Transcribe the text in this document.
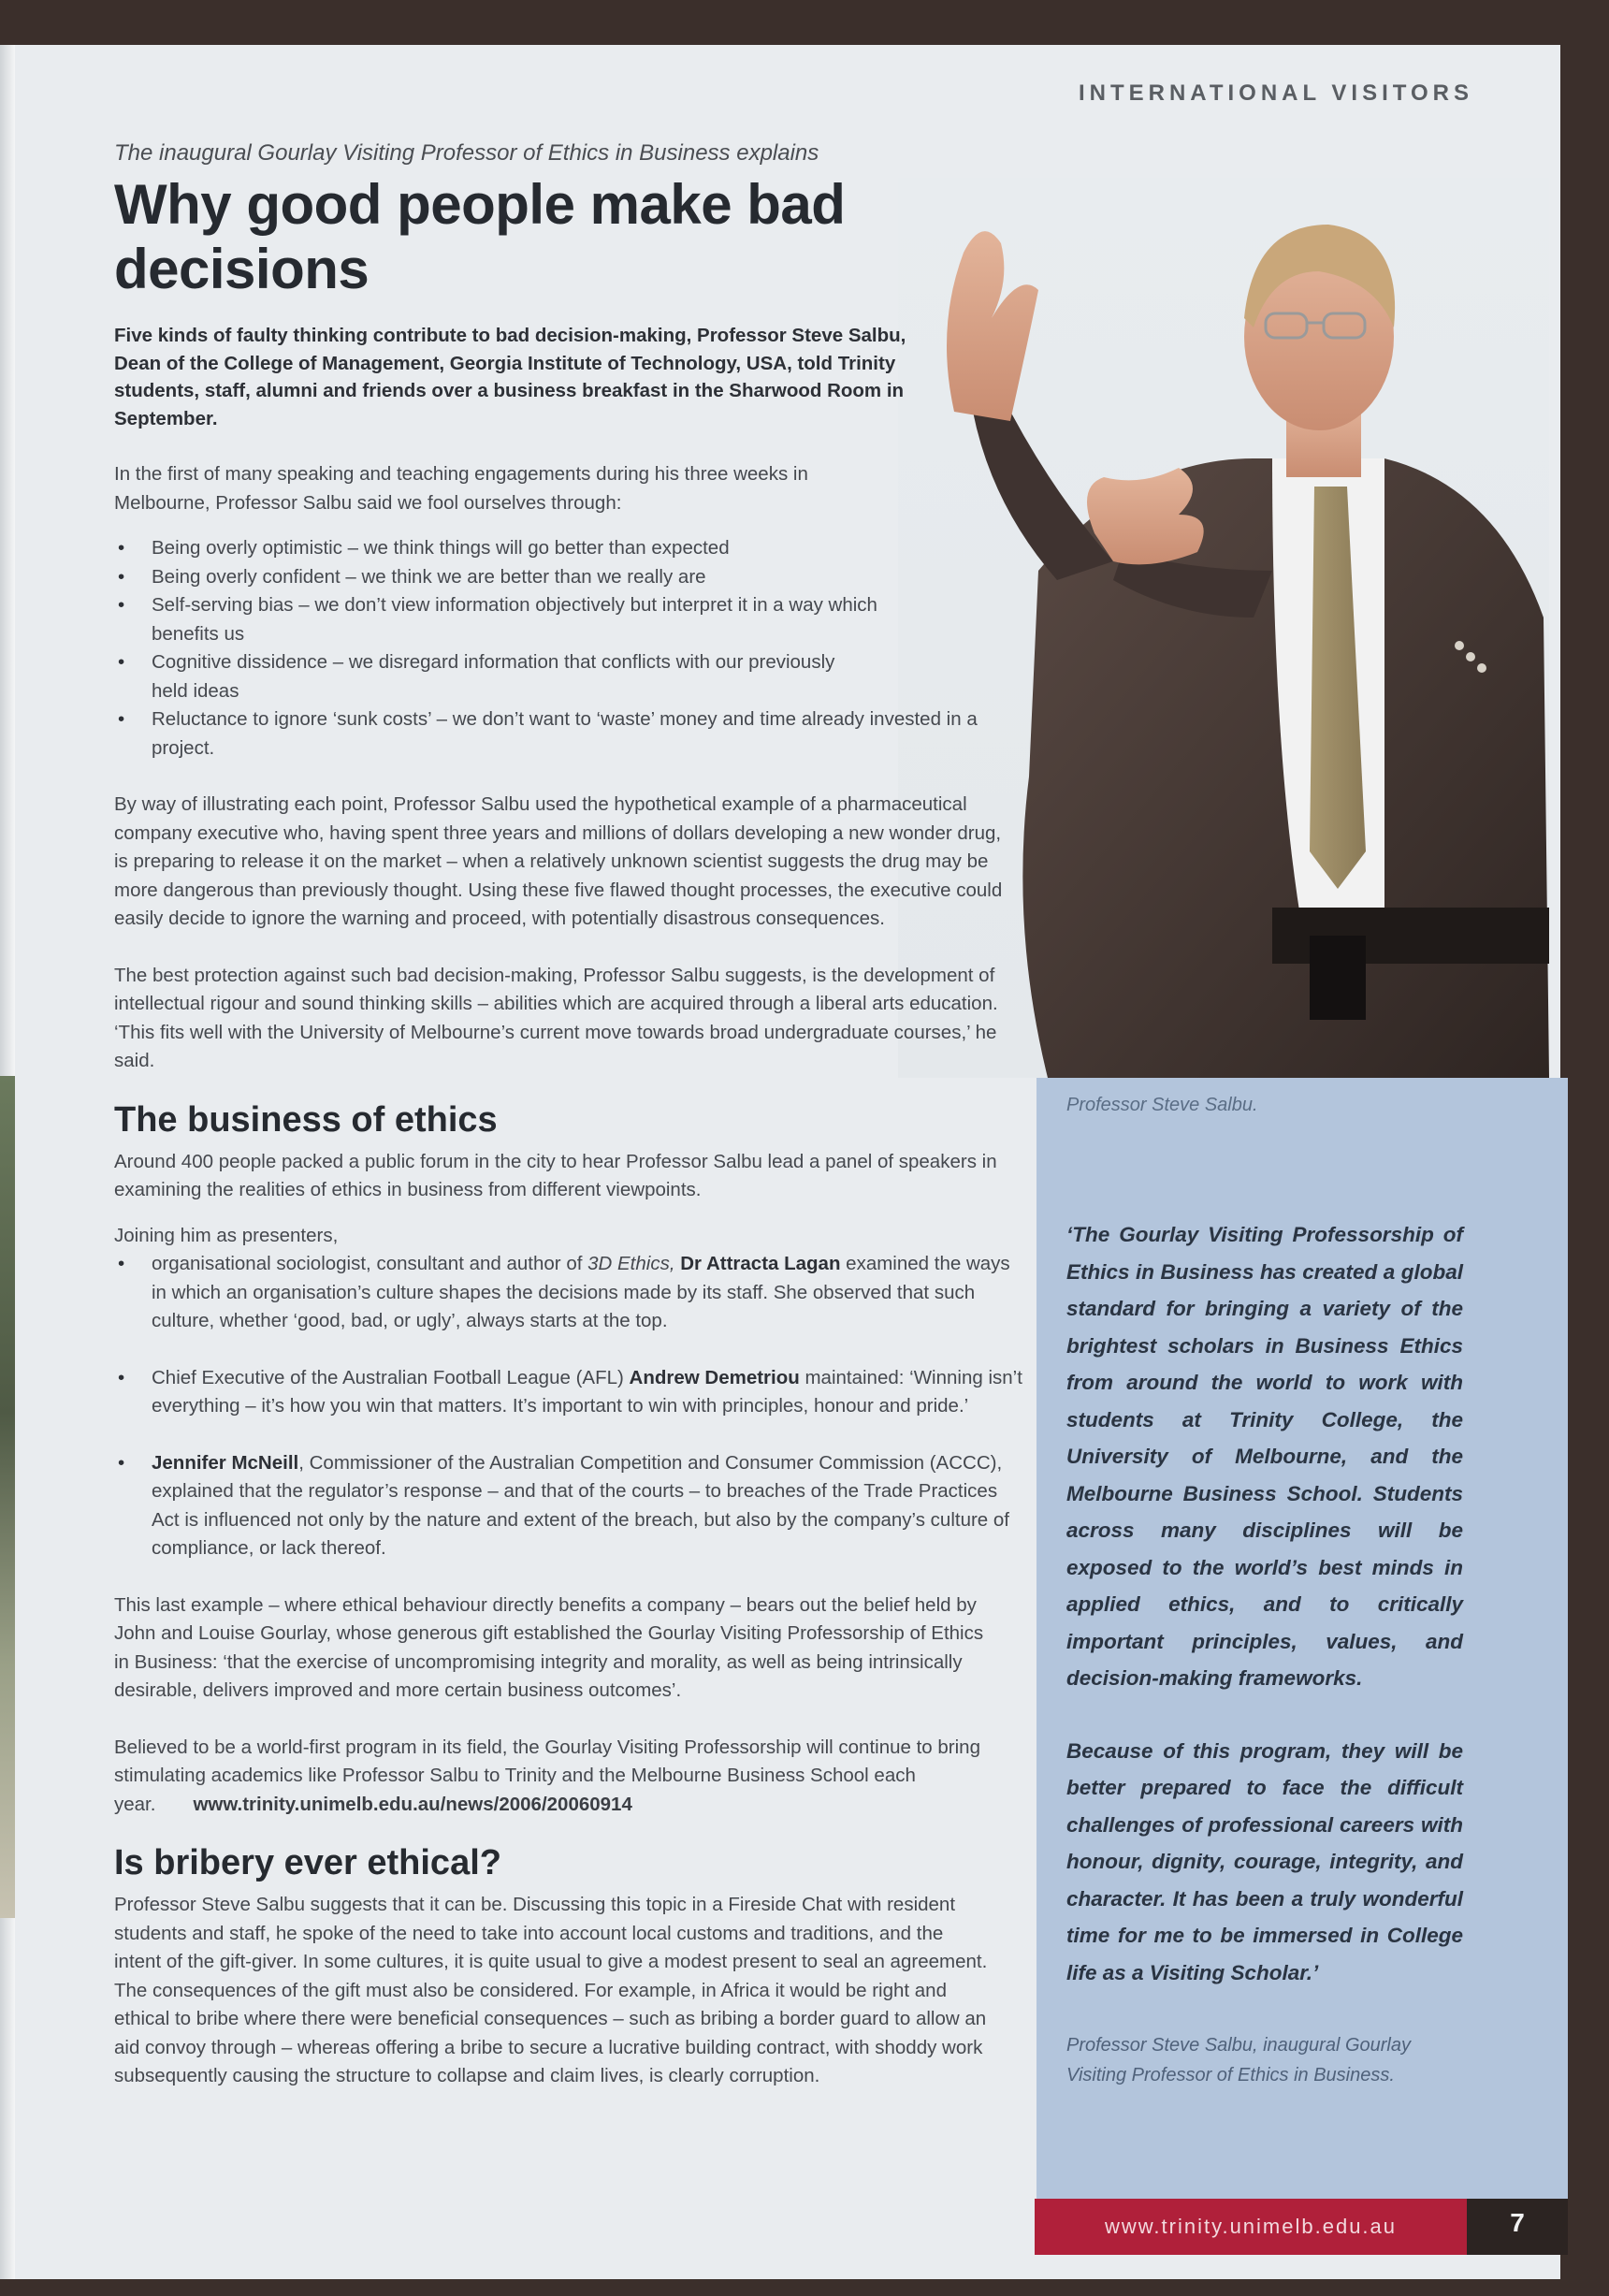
INTERNATIONAL VISITORS
Professor Steve Salbu.

‘The Gourlay Visiting Professorship of Ethics in Business has created a global standard for bringing a variety of the brightest scholars in Business Ethics from around the world to work with students at Trinity College, the University of Melbourne, and the Melbourne Business School. Students across many disciplines will be exposed to the world’s best minds in applied ethics, and to critically important principles, values, and decision-making frameworks.

Because of this program, they will be better prepared to face the difficult challenges of professional careers with honour, dignity, courage, integrity, and character. It has been a truly wonderful time for me to be immersed in College life as a Visiting Scholar.’

Professor Steve Salbu, inaugural Gourlay Visiting Professor of Ethics in Business.

The inaugural Gourlay Visiting Professor of Ethics in Business explains

Why good people make bad decisions

Five kinds of faulty thinking contribute to bad decision-making, Professor Steve Salbu, Dean of the College of Management, Georgia Institute of Technology, USA, told Trinity students, staff, alumni and friends over a business breakfast in the Sharwood Room in September.

In the first of many speaking and teaching engagements during his three weeks in Melbourne, Professor Salbu said we fool ourselves through:

• Being overly optimistic – we think things will go better than expected
• Being overly confident – we think we are better than we really are
• Self-serving bias – we don’t view information objectively but interpret it in a way which benefits us
• Cognitive dissidence – we disregard information that conflicts with our previously held ideas
• Reluctance to ignore ‘sunk costs’ – we don’t want to ‘waste’ money and time already invested in a project.

By way of illustrating each point, Professor Salbu used the hypothetical example of a pharmaceutical company executive who, having spent three years and millions of dollars developing a new wonder drug, is preparing to release it on the market – when a relatively unknown scientist suggests the drug may be more dangerous than previously thought. Using these five flawed thought processes, the executive could easily decide to ignore the warning and proceed, with potentially disastrous consequences.

The best protection against such bad decision-making, Professor Salbu suggests, is the development of intellectual rigour and sound thinking skills – abilities which are acquired through a liberal arts education. ‘This fits well with the University of Melbourne’s current move towards broad undergraduate courses,’ he said.

The business of ethics

Around 400 people packed a public forum in the city to hear Professor Salbu lead a panel of speakers in examining the realities of ethics in business from different viewpoints.

Joining him as presenters,

• organisational sociologist, consultant and author of 3D Ethics, Dr Attracta Lagan examined the ways in which an organisation’s culture shapes the decisions made by its staff. She observed that such culture, whether ‘good, bad, or ugly’, always starts at the top.
• Chief Executive of the Australian Football League (AFL) Andrew Demetriou maintained: ‘Winning isn’t everything – it’s how you win that matters. It’s important to win with principles, honour and pride.’
• Jennifer McNeill, Commissioner of the Australian Competition and Consumer Commission (ACCC), explained that the regulator’s response – and that of the courts – to breaches of the Trade Practices Act is influenced not only by the nature and extent of the breach, but also by the company’s culture of compliance, or lack thereof.

This last example – where ethical behaviour directly benefits a company – bears out the belief held by John and Louise Gourlay, whose generous gift established the Gourlay Visiting Professorship of Ethics in Business: ‘that the exercise of uncompromising integrity and morality, as well as being intrinsically desirable, delivers improved and more certain business outcomes’.

Believed to be a world-first program in its field, the Gourlay Visiting Professorship will continue to bring stimulating academics like Professor Salbu to Trinity and the Melbourne Business School each year. www.trinity.unimelb.edu.au/news/2006/20060914

Is bribery ever ethical?

Professor Steve Salbu suggests that it can be. Discussing this topic in a Fireside Chat with resident students and staff, he spoke of the need to take into account local customs and traditions, and the intent of the gift-giver. In some cultures, it is quite usual to give a modest present to seal an agreement. The consequences of the gift must also be considered. For example, in Africa it would be right and ethical to bribe where there were beneficial consequences – such as bribing a border guard to allow an aid convoy through – whereas offering a bribe to secure a lucrative building contract, with shoddy work subsequently causing the structure to collapse and claim lives, is clearly corruption.

www.trinity.unimelb.edu.au	7
